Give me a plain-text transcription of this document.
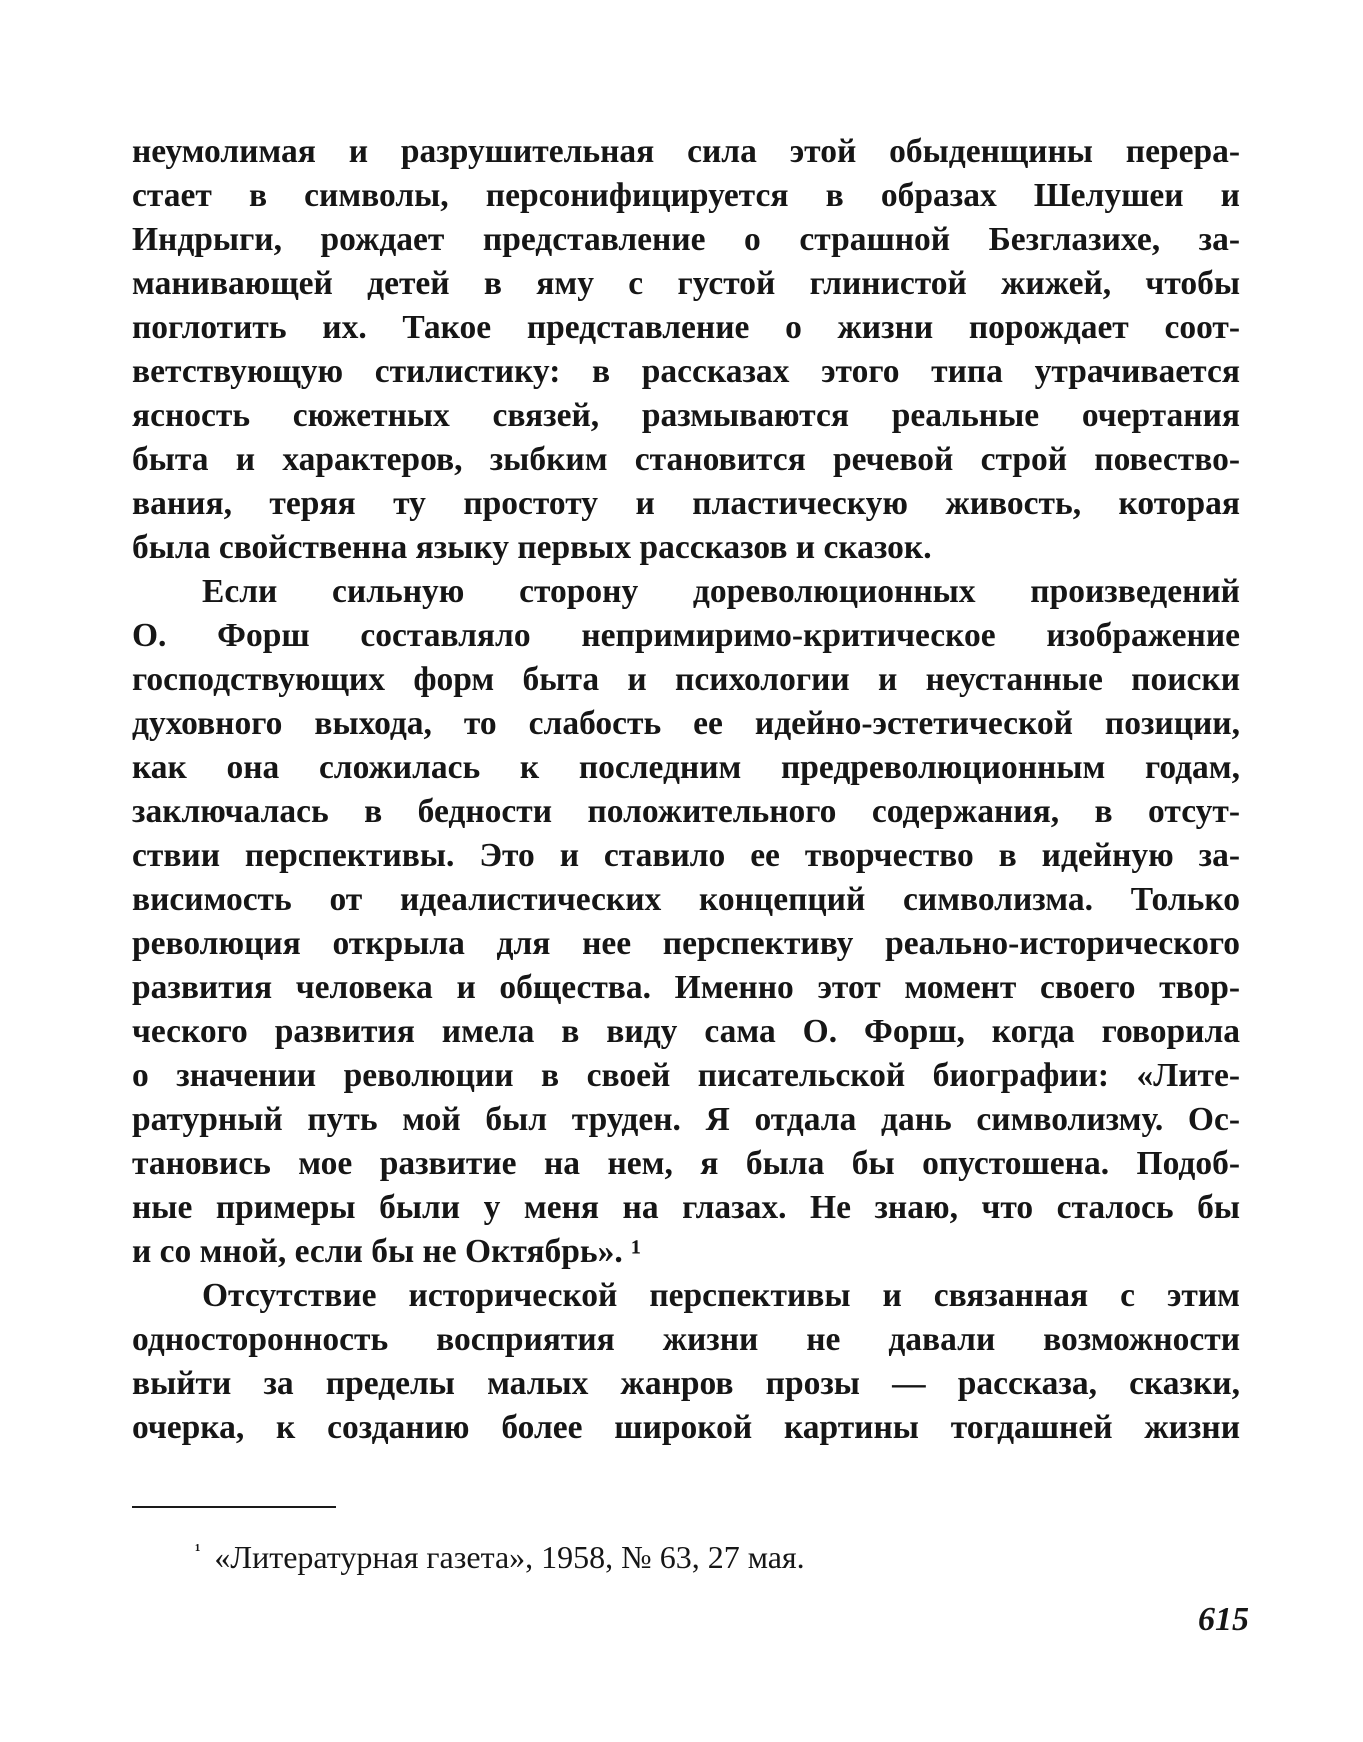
неумолимая и разрушительная сила этой обыденщины перера-
стает в символы, персонифицируется в образах Шелушеи и
Индрыги, рождает представление о страшной Безглазихе, за-
манивающей детей в яму с густой глинистой жижей, чтобы
поглотить их. Такое представление о жизни порождает соот-
ветствующую стилистику: в рассказах этого типа утрачивается
ясность сюжетных связей, размываются реальные очертания
быта и характеров, зыбким становится речевой строй повество-
вания, теряя ту простоту и пластическую живость, которая
была свойственна языку первых рассказов и сказок.
Если сильную сторону дореволюционных произведений
О. Форш составляло непримиримо-критическое изображение
господствующих форм быта и психологии и неустанные поиски
духовного выхода, то слабость ее идейно-эстетической позиции,
как она сложилась к последним предреволюционным годам,
заключалась в бедности положительного содержания, в отсут-
ствии перспективы. Это и ставило ее творчество в идейную за-
висимость от идеалистических концепций символизма. Только
революция открыла для нее перспективу реально-исторического
развития человека и общества. Именно этот момент своего твор-
ческого развития имела в виду сама О. Форш, когда говорила
о значении революции в своей писательской биографии: «Лите-
ратурный путь мой был труден. Я отдала дань символизму. Ос-
тановись мое развитие на нем, я была бы опустошена. Подоб-
ные примеры были у меня на глазах. Не знаю, что сталось бы
и со мной, если бы не Октябрь». ¹
Отсутствие исторической перспективы и связанная с этим
односторонность восприятия жизни не давали возможности
выйти за пределы малых жанров прозы — рассказа, сказки,
очерка, к созданию более широкой картины тогдашней жизни
$^{^1}$ «Литературная газета», 1958, № 63, 27 мая.
615
